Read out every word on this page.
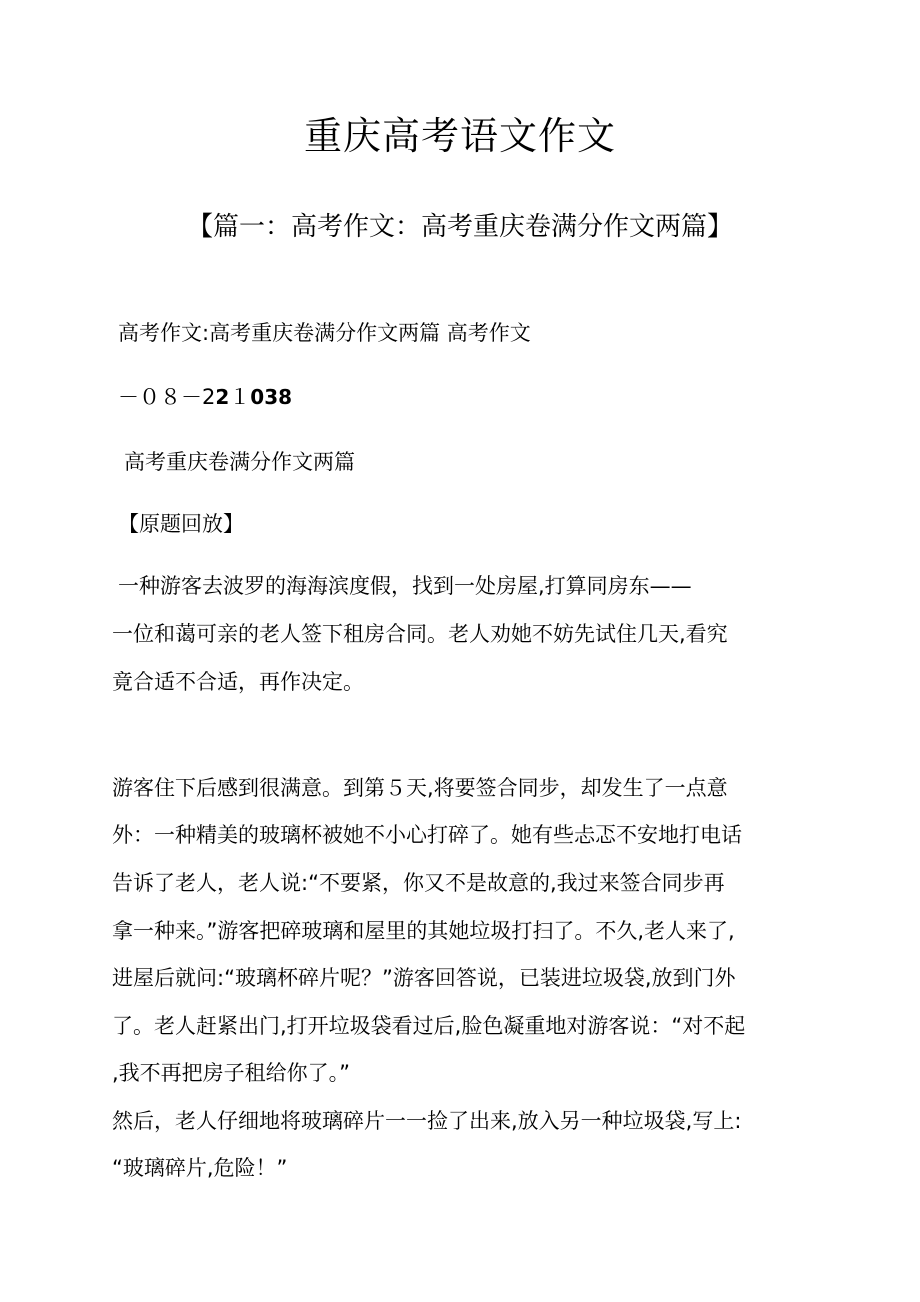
重庆高考语文作文
【篇一：高考作文：高考重庆卷满分作文两篇】
高考作文:高考重庆卷满分作文两篇 高考作文
－０８－22１038
高考重庆卷满分作文两篇
【原题回放】
一种游客去波罗的海海滨度假，找到一处房屋,打算同房东——
一位和蔼可亲的老人签下租房合同。老人劝她不妨先试住几天,看究
竟合适不合适，再作决定。
游客住下后感到很满意。到第５天,将要签合同步，却发生了一点意
外：一种精美的玻璃杯被她不小心打碎了。她有些忐忑不安地打电话
告诉了老人，老人说:“不要紧，你又不是故意的,我过来签合同步再
拿一种来。”游客把碎玻璃和屋里的其她垃圾打扫了。不久,老人来了,
进屋后就问:“玻璃杯碎片呢？”游客回答说，已装进垃圾袋,放到门外
了。老人赶紧出门,打开垃圾袋看过后,脸色凝重地对游客说：“对不起
,我不再把房子租给你了。”
然后，老人仔细地将玻璃碎片一一捡了出来,放入另一种垃圾袋,写上:
“玻璃碎片,危险！”
